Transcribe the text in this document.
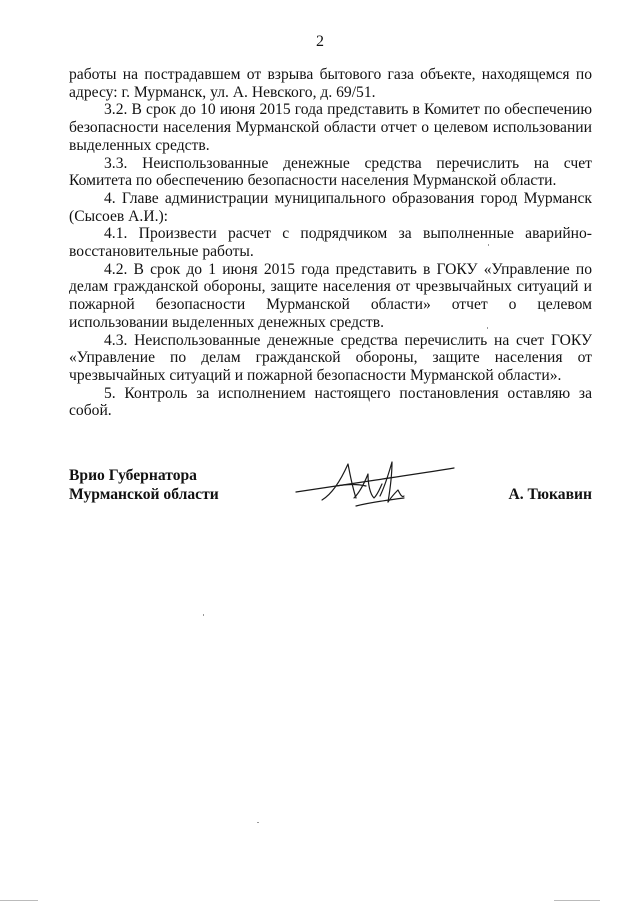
2

работы на пострадавшем от взрыва бытового газа объекте, находящемся по адресу: г. Мурманск, ул. А. Невского, д. 69/51.

3.2. В срок до 10 июня 2015 года представить в Комитет по обеспечению безопасности населения Мурманской области отчет о целевом использовании выделенных средств.

3.3. Неиспользованные денежные средства перечислить на счет Комитета по обеспечению безопасности населения Мурманской области.

4. Главе администрации муниципального образования город Мурманск (Сысоев А.И.):

4.1. Произвести расчет с подрядчиком за выполненные аварийно-восстановительные работы.

4.2. В срок до 1 июня 2015 года представить в ГОКУ «Управление по делам гражданской обороны, защите населения от чрезвычайных ситуаций и пожарной безопасности Мурманской области» отчет о целевом использовании выделенных денежных средств.

4.3. Неиспользованные денежные средства перечислить на счет ГОКУ «Управление по делам гражданской обороны, защите населения от чрезвычайных ситуаций и пожарной безопасности Мурманской области».

5. Контроль за исполнением настоящего постановления оставляю за собой.

Врио Губернатора
Мурманской области	А. Тюкавин
